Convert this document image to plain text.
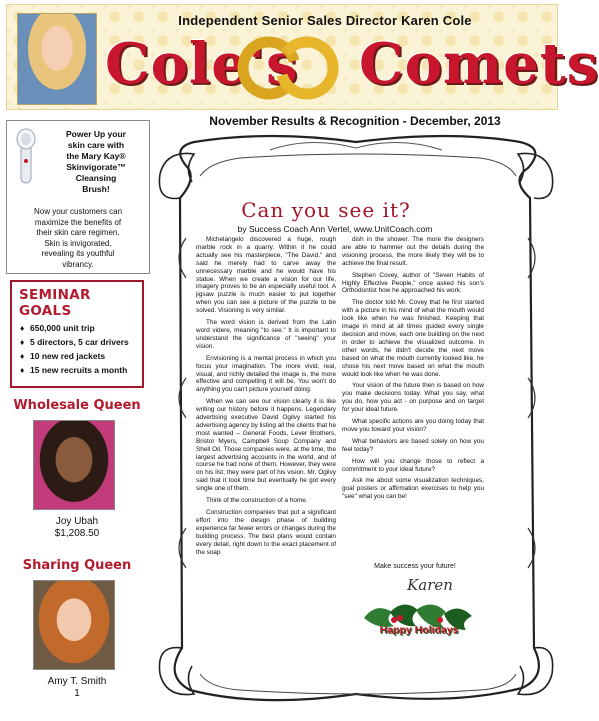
Independent Senior Sales Director Karen Cole
Cole's Comets
November Results & Recognition - December, 2013
Power Up your
skin care with
the Mary Kay®
Skinvigorate™
Cleansing
Brush!
Now your customers can
maximize the benefits of
their skin care regimen.
Skin is invigorated,
revealing its youthful
vibrancy.
SEMINAR GOALS
♦ 650,000 unit trip
♦ 5 directors, 5 car drivers
♦ 10 new red jackets
♦ 15 new recruits a month
Wholesale Queen
Joy Ubah
$1,208.50
Sharing Queen
Amy T. Smith
1
Can you see it?
by Success Coach Ann Vertel, www.UnitCoach.com

Michelangelo discovered a huge, rough marble rock in a quarry. Within it he could actually see his masterpiece, "The David," and said he merely had to carve away the unnecessary marble and he would have his statue. When we create a vision for our life, imagery proves to be an especially useful tool. A jigsaw puzzle is much easier to put together when you can see a picture of the puzzle to be solved. Visioning is very similar.

The word vision is derived from the Latin word videre, meaning "to see." It is important to understand the significance of "seeing" your vision.

Envisioning is a mental process in which you focus your imagination. The more vivid, real, visual, and richly detailed the image is, the more effective and compelling it will be. You won't do anything you can't picture yourself doing.

When we can see our vision clearly it is like writing our history before it happens. Legendary advertising executive David Ogilvy started his advertising agency by listing all the clients that he most wanted – General Foods, Lever Brothers, Bristol Myers, Campbell Soup Company and Shell Oil. Those companies were, at the time, the largest advertising accounts in the world, and of course he had none of them. However, they were on his list; they were part of his vision. Mr. Ogilvy said that it took time but eventually he got every single one of them.

Think of the construction of a home.

Construction companies that put a significant effort into the design phase of building experience far fewer errors or changes during the building process. The best plans would contain every detail, right down to the exact placement of the soap

dish in the shower. The more the designers are able to hammer out the details during the visioning process, the more likely they will be to achieve the final result.

Stephen Covey, author of "Seven Habits of Highly Effective People," once asked his son's Orthodontist how he approached his work.

The doctor told Mr. Covey that he first started with a picture in his mind of what the mouth would look like when he was finished. Keeping that image in mind at all times guided every single decision and move, each one building on the next in order to achieve the visualized outcome. In other words, he didn't decide the next move based on what the mouth currently looked like, he chose his next move based on what the mouth would look like when he was done.

Your vision of the future then is based on how you make decisions today. What you say, what you do, how you act - on purpose and on target for your ideal future.

What specific actions are you doing today that move you toward your vision?

What behaviors are based solely on how you feel today?

How will you change those to reflect a commitment to your ideal future?

Ask me about some visualization techniques, goal posters or affirmation exercises to help you "see" what you can be!

Make success your future!
Karen
Happy Holidays
